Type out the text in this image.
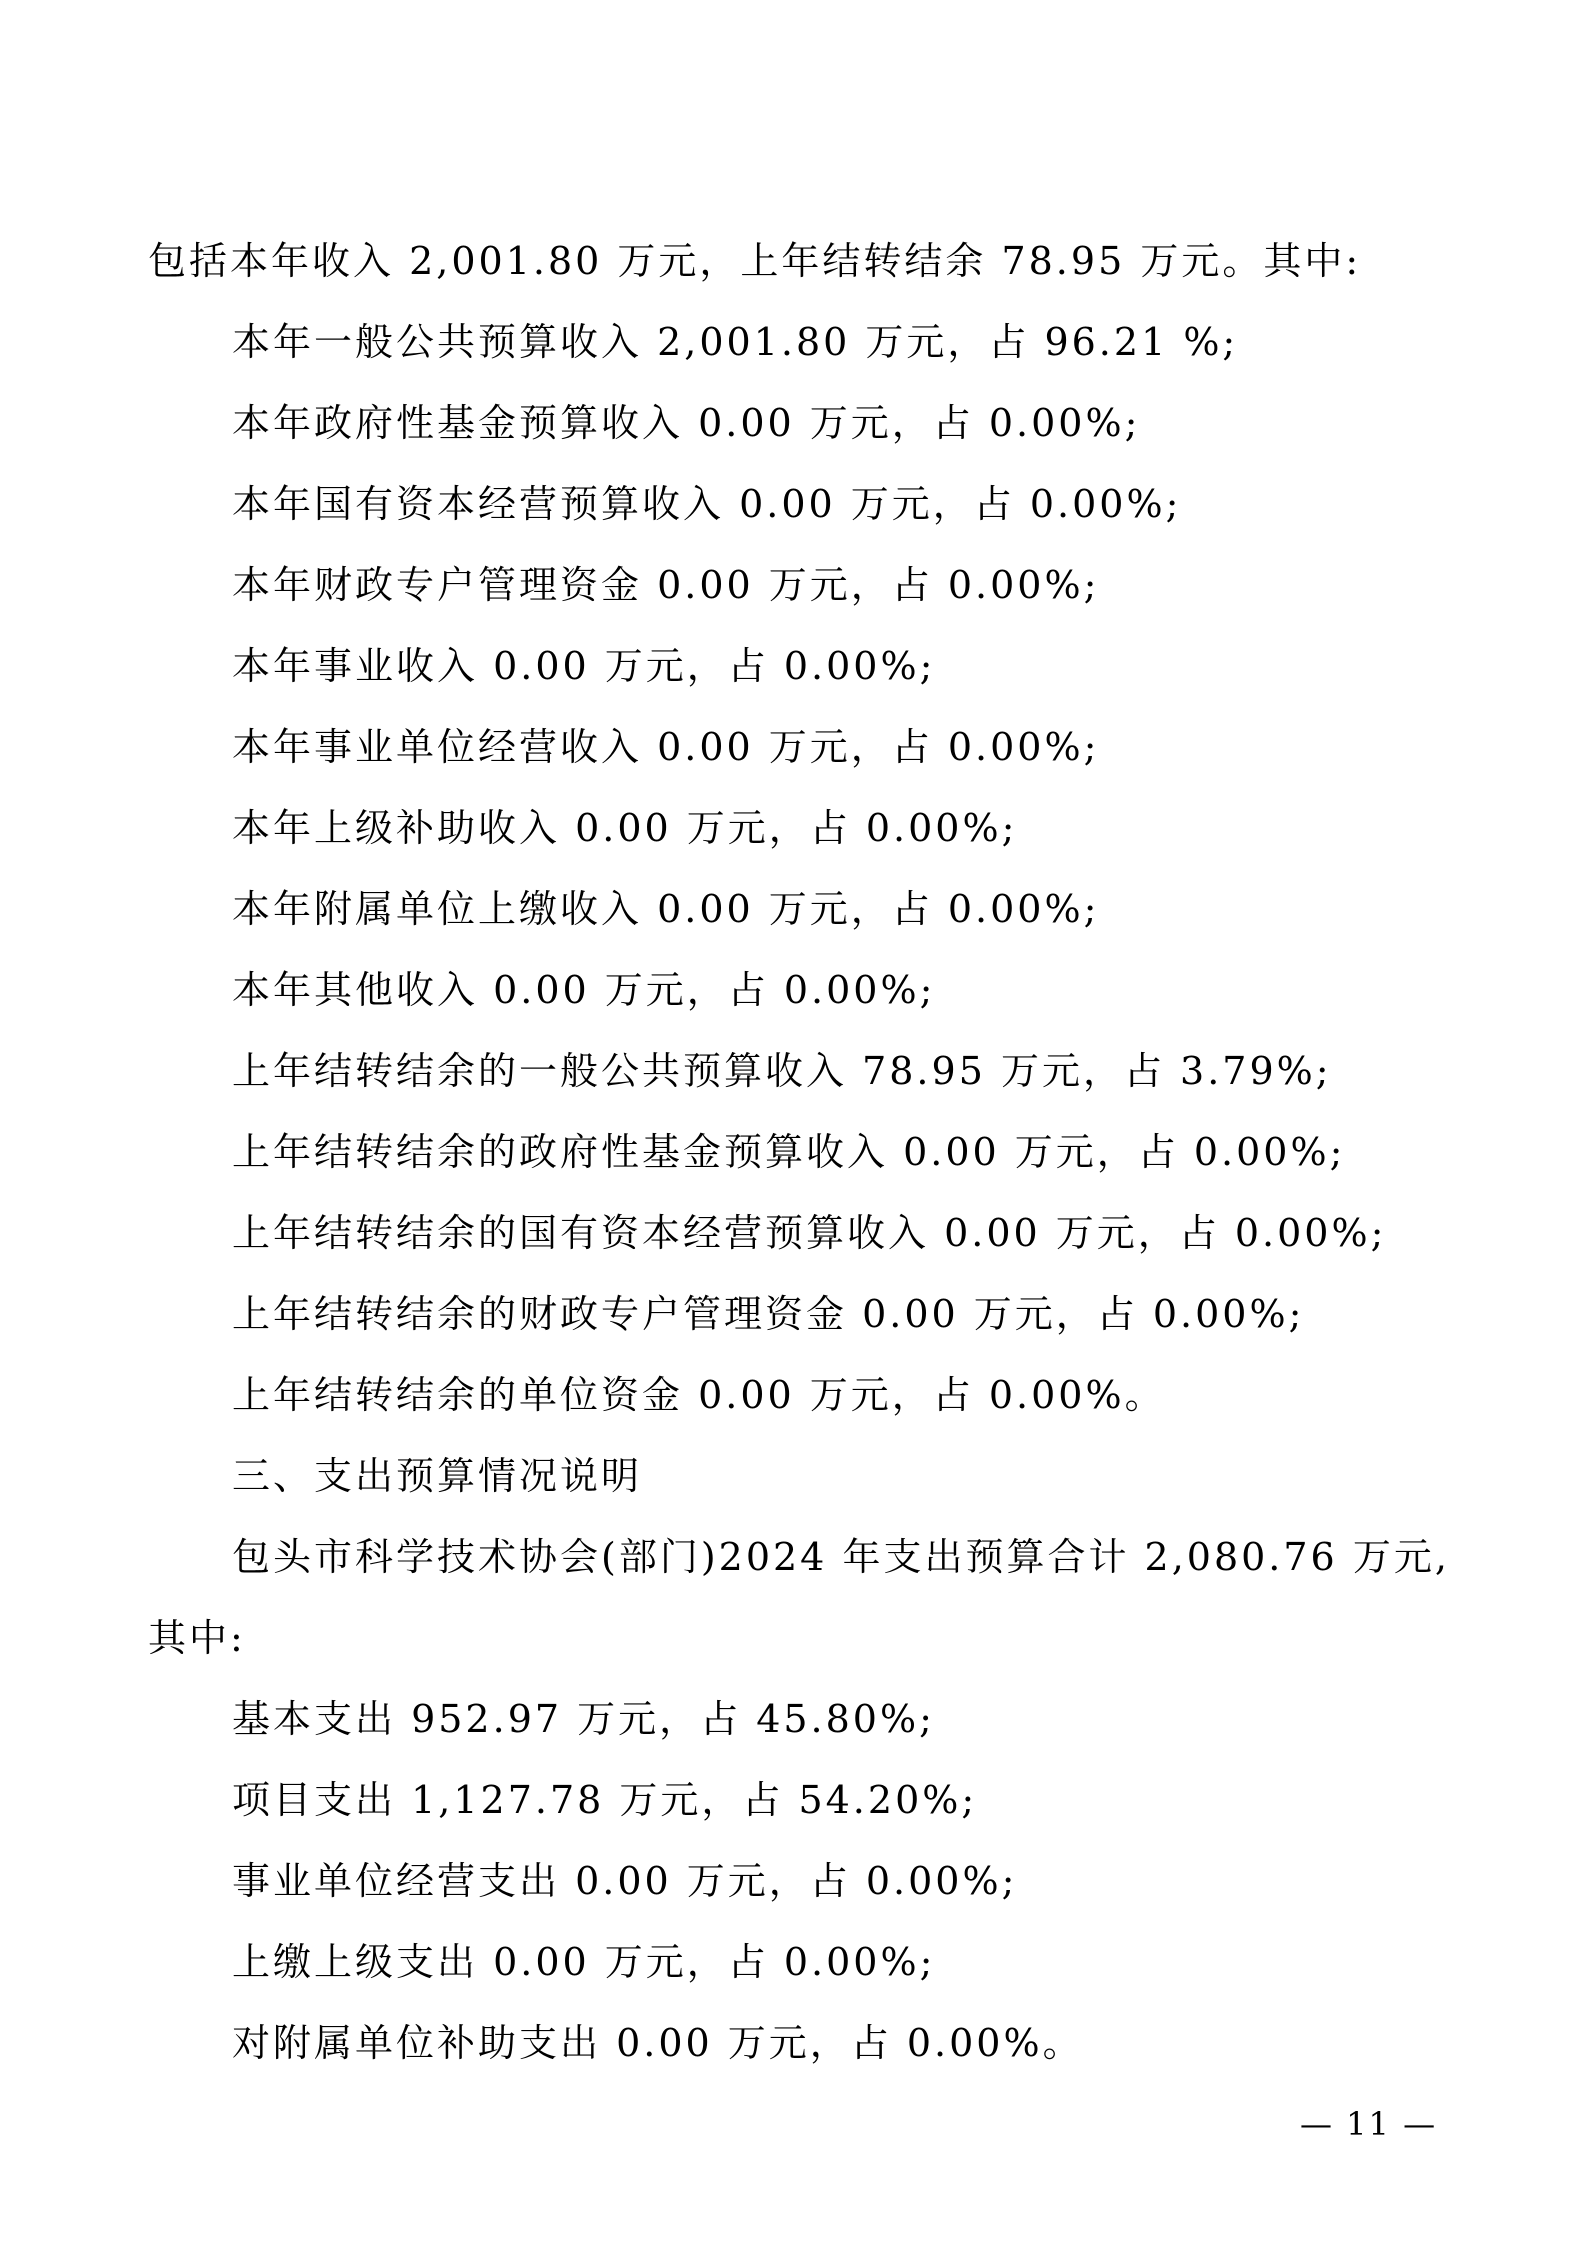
包括本年收入 2,001.80 万元，上年结转结余 78.95 万元。其中:
本年一般公共预算收入 2,001.80 万元，占 96.21 %;
本年政府性基金预算收入 0.00 万元，占 0.00%;
本年国有资本经营预算收入 0.00 万元，占 0.00%;
本年财政专户管理资金 0.00 万元，占 0.00%;
本年事业收入 0.00 万元，占 0.00%;
本年事业单位经营收入 0.00 万元，占 0.00%;
本年上级补助收入 0.00 万元，占 0.00%;
本年附属单位上缴收入 0.00 万元，占 0.00%;
本年其他收入 0.00 万元，占 0.00%;
上年结转结余的一般公共预算收入 78.95 万元，占 3.79%;
上年结转结余的政府性基金预算收入 0.00 万元，占 0.00%;
上年结转结余的国有资本经营预算收入 0.00 万元，占 0.00%;
上年结转结余的财政专户管理资金 0.00 万元，占 0.00%;
上年结转结余的单位资金 0.00 万元，占 0.00%。
三、支出预算情况说明
包头市科学技术协会(部门)2024 年支出预算合计 2,080.76 万元,
其中:
基本支出 952.97 万元，占 45.80%;
项目支出 1,127.78 万元，占 54.20%;
事业单位经营支出 0.00 万元，占 0.00%;
上缴上级支出 0.00 万元，占 0.00%;
对附属单位补助支出 0.00 万元，占 0.00%。
— 11 —
